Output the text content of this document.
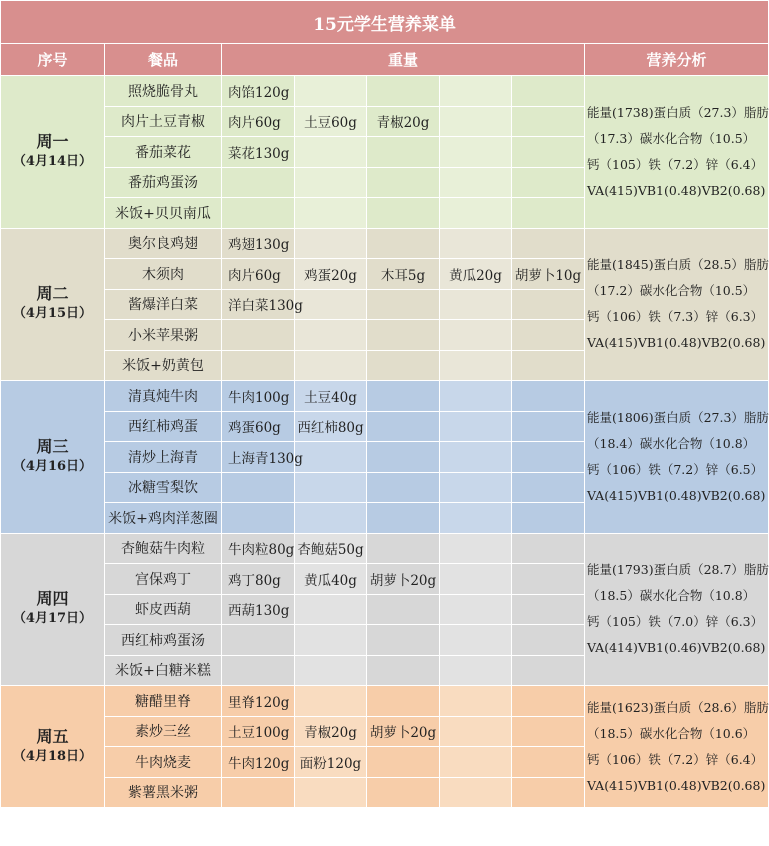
15元学生营养菜单							
序号	餐品	重量					营养分析

周一
（4月14日）	照烧脆骨丸	肉馅120g					能量(1738)蛋白质（27.3）脂肪
（17.3）碳水化合物（10.5）
钙（105）铁（7.2）锌（6.4）
VA(415)VB1(0.48)VB2(0.68)

	肉片土豆青椒	肉片60g	土豆60g	青椒20g			
	番茄菜花	菜花130g					
	番茄鸡蛋汤						
	米饭+贝贝南瓜						

周二
（4月15日）	奥尔良鸡翅	鸡翅130g					能量(1845)蛋白质（28.5）脂肪
（17.2）碳水化合物（10.5）
钙（106）铁（7.3）锌（6.3）
VA(415)VB1(0.48)VB2(0.68)

	木须肉	肉片60g	鸡蛋20g	木耳5g	黄瓜20g	胡萝卜10g	
	酱爆洋白菜	洋白菜130g					
	小米苹果粥						
	米饭+奶黄包						

周三
（4月16日）	清真炖牛肉	牛肉100g	土豆40g				能量(1806)蛋白质（27.3）脂肪
（18.4）碳水化合物（10.8）
钙（106）铁（7.2）锌（6.5）
VA(415)VB1(0.48)VB2(0.68)

	西红柿鸡蛋	鸡蛋60g	西红柿80g				
	清炒上海青	上海青130g					
	冰糖雪梨饮						
	米饭+鸡肉洋葱圈						

周四
（4月17日）	杏鲍菇牛肉粒	牛肉粒80g	杏鲍菇50g				能量(1793)蛋白质（28.7）脂肪
（18.5）碳水化合物（10.8）
钙（105）铁（7.0）锌（6.3）
VA(414)VB1(0.46)VB2(0.68)

	宫保鸡丁	鸡丁80g	黄瓜40g	胡萝卜20g			
	虾皮西葫	西葫130g					
	西红柿鸡蛋汤						
	米饭+白糖米糕						

周五
（4月18日）	糖醋里脊	里脊120g					能量(1623)蛋白质（28.6）脂肪
（18.5）碳水化合物（10.6）
钙（106）铁（7.2）锌（6.4）
VA(415)VB1(0.48)VB2(0.68)

	素炒三丝	土豆100g	青椒20g	胡萝卜20g			
	牛肉烧麦	牛肉120g	面粉120g				
	紫薯黑米粥						
